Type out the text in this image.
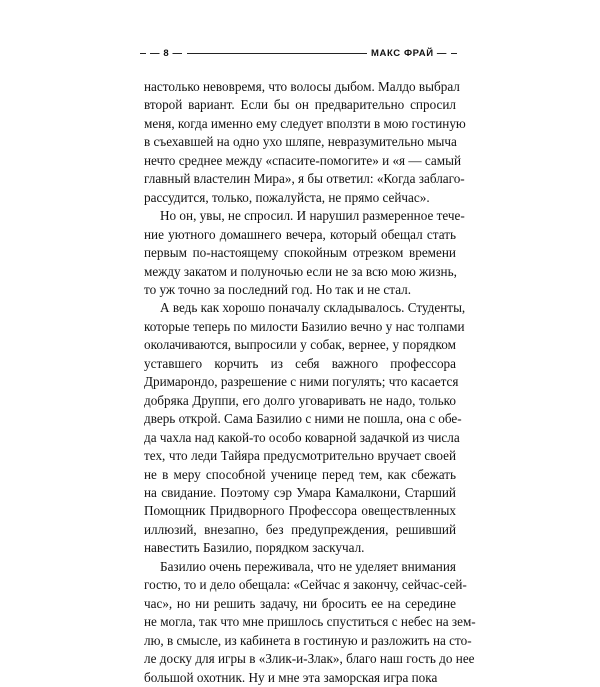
— 8 —	МАКС ФРАЙ —

настолько невовремя, что волосы дыбом. Малдо выбрал
второй вариант. Если бы он предварительно спросил
меня, когда именно ему следует вползти в мою гостиную
в съехавшей на одно ухо шляпе, невразумительно мыча
нечто среднее между «спасите-помогите» и «я — самый
главный властелин Мира», я бы ответил: «Когда заблаго-
рассудится, только, пожалуйста, не прямо сейчас».

Но он, увы, не спросил. И нарушил размеренное тече-
ние уютного домашнего вечера, который обещал стать
первым по-настоящему спокойным отрезком времени
между закатом и полуночью если не за всю мою жизнь,
то уж точно за последний год. Но так и не стал.

А ведь как хорошо поначалу складывалось. Студенты,
которые теперь по милости Базилио вечно у нас толпами
околачиваются, выпросили у собак, вернее, у порядком
уставшего корчить из себя важного профессора
Дримарондо, разрешение с ними погулять; что касается
добряка Друппи, его долго уговаривать не надо, только
дверь открой. Сама Базилио с ними не пошла, она с обе-
да чахла над какой-то особо коварной задачкой из числа
тех, что леди Тайяра предусмотрительно вручает своей
не в меру способной ученице перед тем, как сбежать
на свидание. Поэтому сэр Умара Камалкони, Старший
Помощник Придворного Профессора овеществленных
иллюзий, внезапно, без предупреждения, решивший
навестить Базилио, порядком заскучал.

Базилио очень переживала, что не уделяет внимания
гостю, то и дело обещала: «Сейчас я закончу, сейчас-сей-
час», но ни решить задачу, ни бросить ее на середине
не могла, так что мне пришлось спуститься с небес на зем-
лю, в смысле, из кабинета в гостиную и разложить на сто-
ле доску для игры в «Злик-и-Злак», благо наш гость до нее
большой охотник. Ну и мне эта заморская игра пока
